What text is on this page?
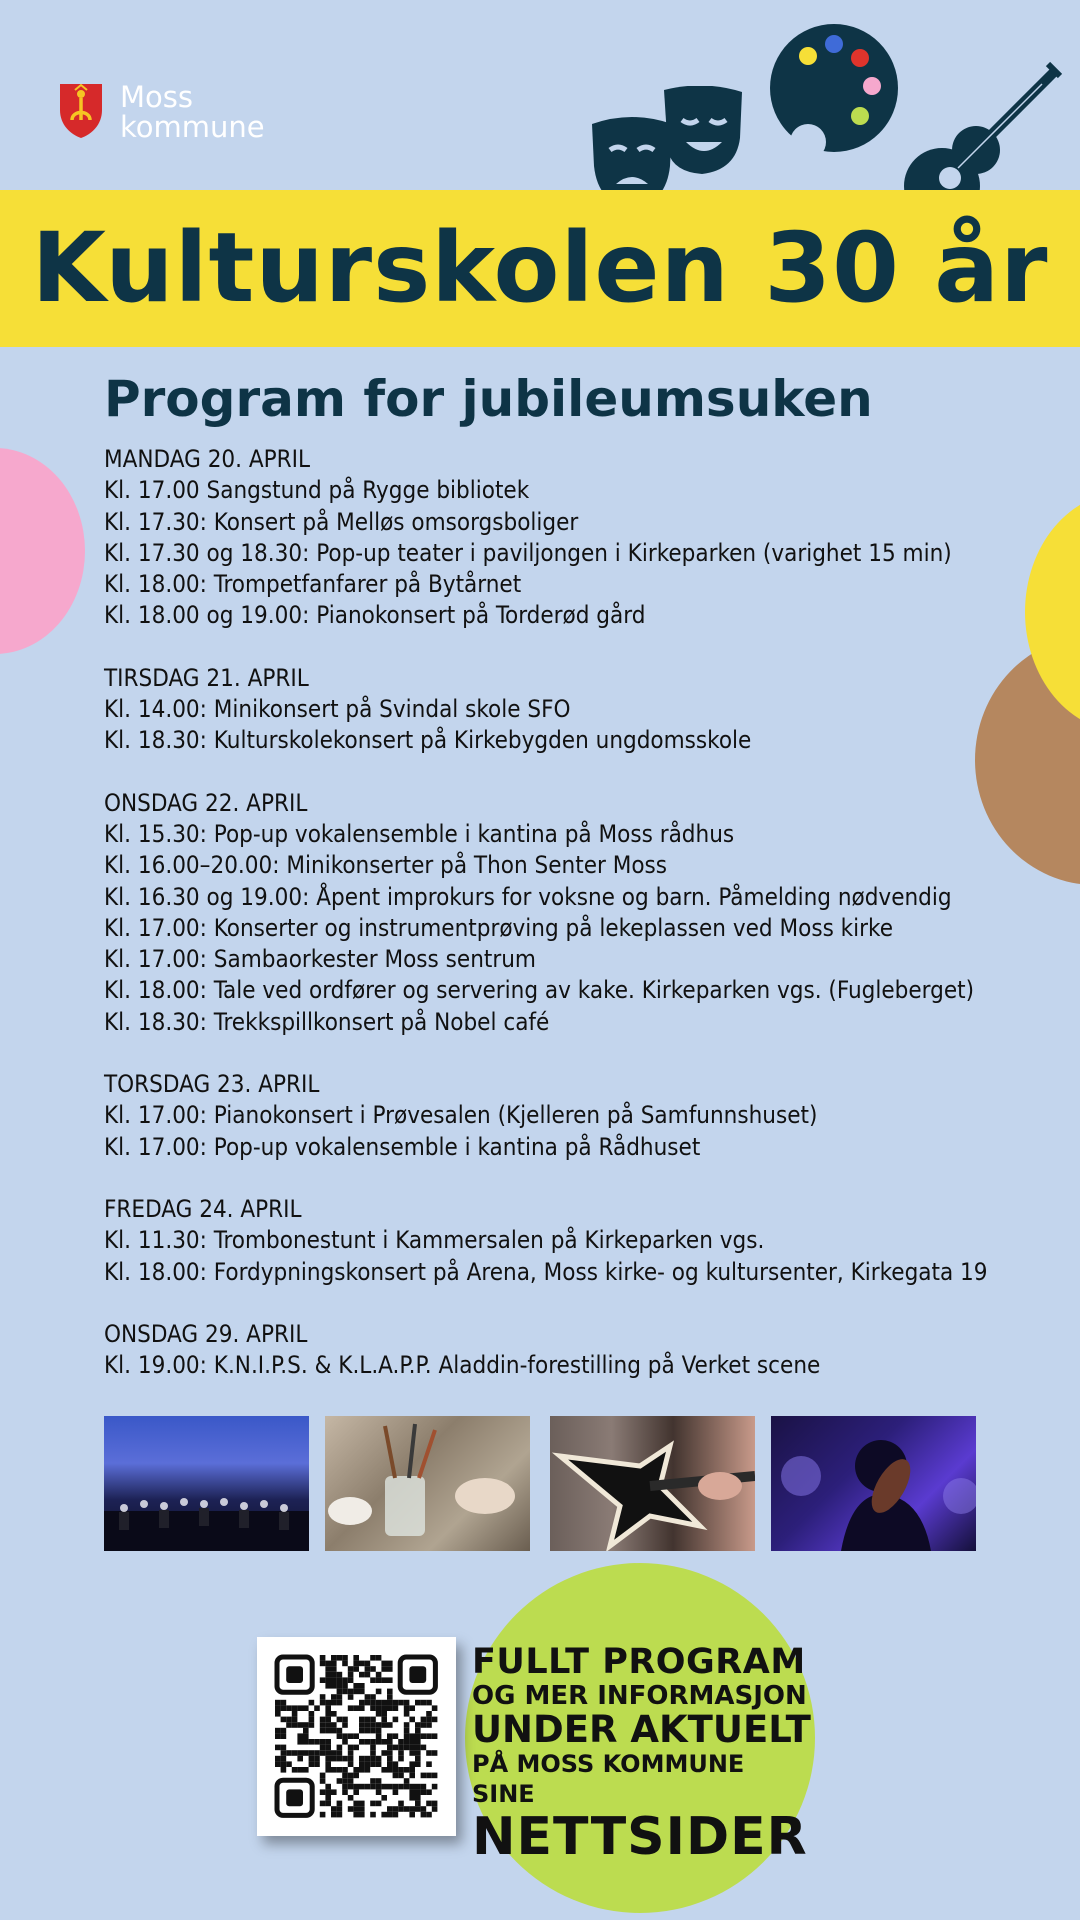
Moss
kommune
Kulturskolen 30 år
Program for jubileumsuken
MANDAG 20. APRIL
Kl. 17.00 Sangstund på Rygge bibliotek
Kl. 17.30: Konsert på Melløs omsorgsboliger
Kl. 17.30 og 18.30: Pop-up teater i paviljongen i Kirkeparken (varighet 15 min)
Kl. 18.00: Trompetfanfarer på Bytårnet
Kl. 18.00 og 19.00: Pianokonsert på Torderød gård
TIRSDAG 21. APRIL
Kl. 14.00: Minikonsert på Svindal skole SFO
Kl. 18.30: Kulturskolekonsert på Kirkebygden ungdomsskole
ONSDAG 22. APRIL
Kl. 15.30: Pop-up vokalensemble i kantina på Moss rådhus
Kl. 16.00–20.00: Minikonserter på Thon Senter Moss
Kl. 16.30 og 19.00: Åpent improkurs for voksne og barn. Påmelding nødvendig
Kl. 17.00: Konserter og instrumentprøving på lekeplassen ved Moss kirke
Kl. 17.00: Sambaorkester Moss sentrum
Kl. 18.00: Tale ved ordfører og servering av kake. Kirkeparken vgs. (Fugleberget)
Kl. 18.30: Trekkspillkonsert på Nobel café
TORSDAG 23. APRIL
Kl. 17.00: Pianokonsert i Prøvesalen (Kjelleren på Samfunnshuset)
Kl. 17.00: Pop-up vokalensemble i kantina på Rådhuset
FREDAG 24. APRIL
Kl. 11.30: Trombonestunt i Kammersalen på Kirkeparken vgs.
Kl. 18.00: Fordypningskonsert på Arena, Moss kirke- og kultursenter, Kirkegata 19
ONSDAG 29. APRIL
Kl. 19.00: K.N.I.P.S. & K.L.A.P.P. Aladdin-forestilling på Verket scene
FULLT PROGRAM
OG MER INFORMASJON
UNDER AKTUELT
PÅ MOSS KOMMUNE SINE
NETTSIDER
